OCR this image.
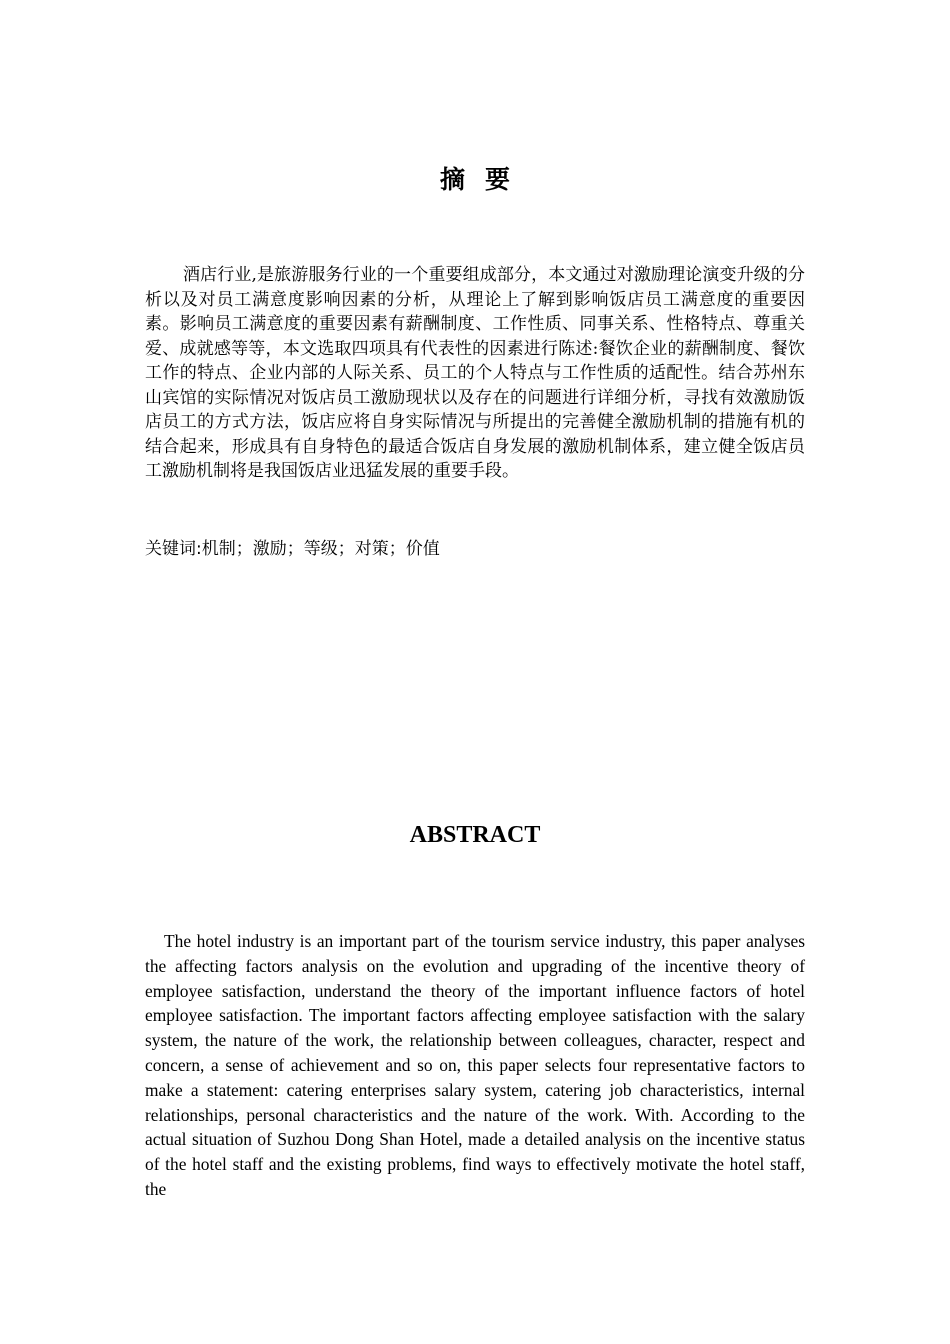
摘要

酒店行业,是旅游服务行业的一个重要组成部分，本文通过对激励理论演变升级的分析以及对员工满意度影响因素的分析，从理论上了解到影响饭店员工满意度的重要因素。影响员工满意度的重要因素有薪酬制度、工作性质、同事关系、性格特点、尊重关爱、成就感等等，本文选取四项具有代表性的因素进行陈述:餐饮企业的薪酬制度、餐饮工作的特点、企业内部的人际关系、员工的个人特点与工作性质的适配性。结合苏州东山宾馆的实际情况对饭店员工激励现状以及存在的问题进行详细分析，寻找有效激励饭店员工的方式方法，饭店应将自身实际情况与所提出的完善健全激励机制的措施有机的结合起来，形成具有自身特色的最适合饭店自身发展的激励机制体系，建立健全饭店员工激励机制将是我国饭店业迅猛发展的重要手段。

关键词:机制；激励；等级；对策；价值

ABSTRACT

The hotel industry is an important part of the tourism service industry, this paper analyses the affecting factors analysis on the evolution and upgrading of the incentive theory of employee satisfaction, understand the theory of the important influence factors of hotel employee satisfaction. The important factors affecting employee satisfaction with the salary system, the nature of the work, the relationship between colleagues, character, respect and concern, a sense of achievement and so on, this paper selects four representative factors to make a statement: catering enterprises salary system, catering job characteristics, internal relationships, personal characteristics and the nature of the work. With. According to the actual situation of Suzhou Dong Shan Hotel, made a detailed analysis on the incentive status of the hotel staff and the existing problems, find ways to effectively motivate the hotel staff, the
